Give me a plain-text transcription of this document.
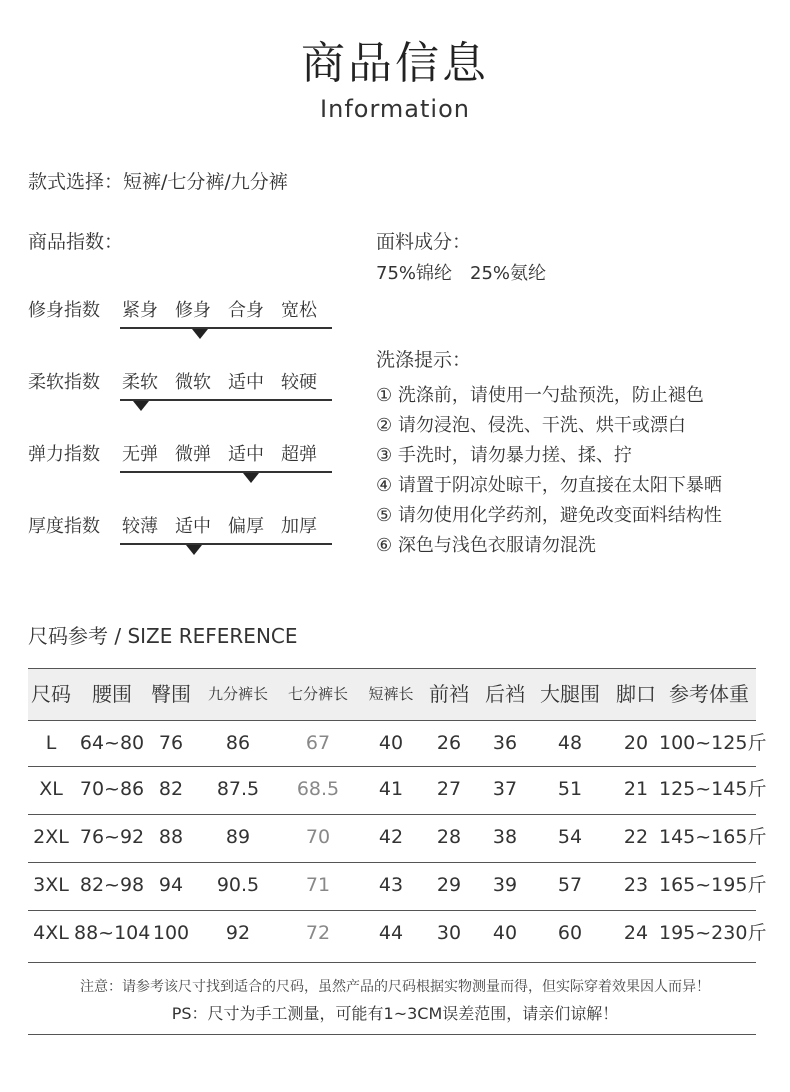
商品信息
Information
款式选择：短裤/七分裤/九分裤
商品指数：
修身指数 紧身 修身 合身 宽松
柔软指数 柔软 微软 适中 较硬
弹力指数 无弹 微弹 适中 超弹
厚度指数 较薄 适中 偏厚 加厚
面料成分：
75%锦纶　25%氨纶
洗涤提示：
① 洗涤前，请使用一勺盐预洗，防止褪色
② 请勿浸泡、侵洗、干洗、烘干或漂白
③ 手洗时，请勿暴力搓、揉、拧
④ 请置于阴凉处晾干，勿直接在太阳下暴晒
⑤ 请勿使用化学药剂，避免改变面料结构性
⑥ 深色与浅色衣服请勿混洗
尺码参考 / SIZE REFERENCE
尺码	腰围 臀围	九分裤长	七分裤长	短裤长 前裆 后裆 大腿围 脚口 参考体重
L	64~80 76	86	67	40	26	36	48	20 100~125斤
XL 70~86 82	87.5	68.5	41	27	37	51	21 125~145斤
2XL 76~92 88	89	70	42	28	38	54	22 145~165斤
3XL 82~98 94	90.5	71	43	29	39	57	23 165~195斤
4XL 88~104 100	92	72	44	30	40	60	24 195~230斤
注意：请参考该尺寸找到适合的尺码，虽然产品的尺码根据实物测量而得，但实际穿着效果因人而异！
PS：尺寸为手工测量，可能有1~3CM误差范围，请亲们谅解！
